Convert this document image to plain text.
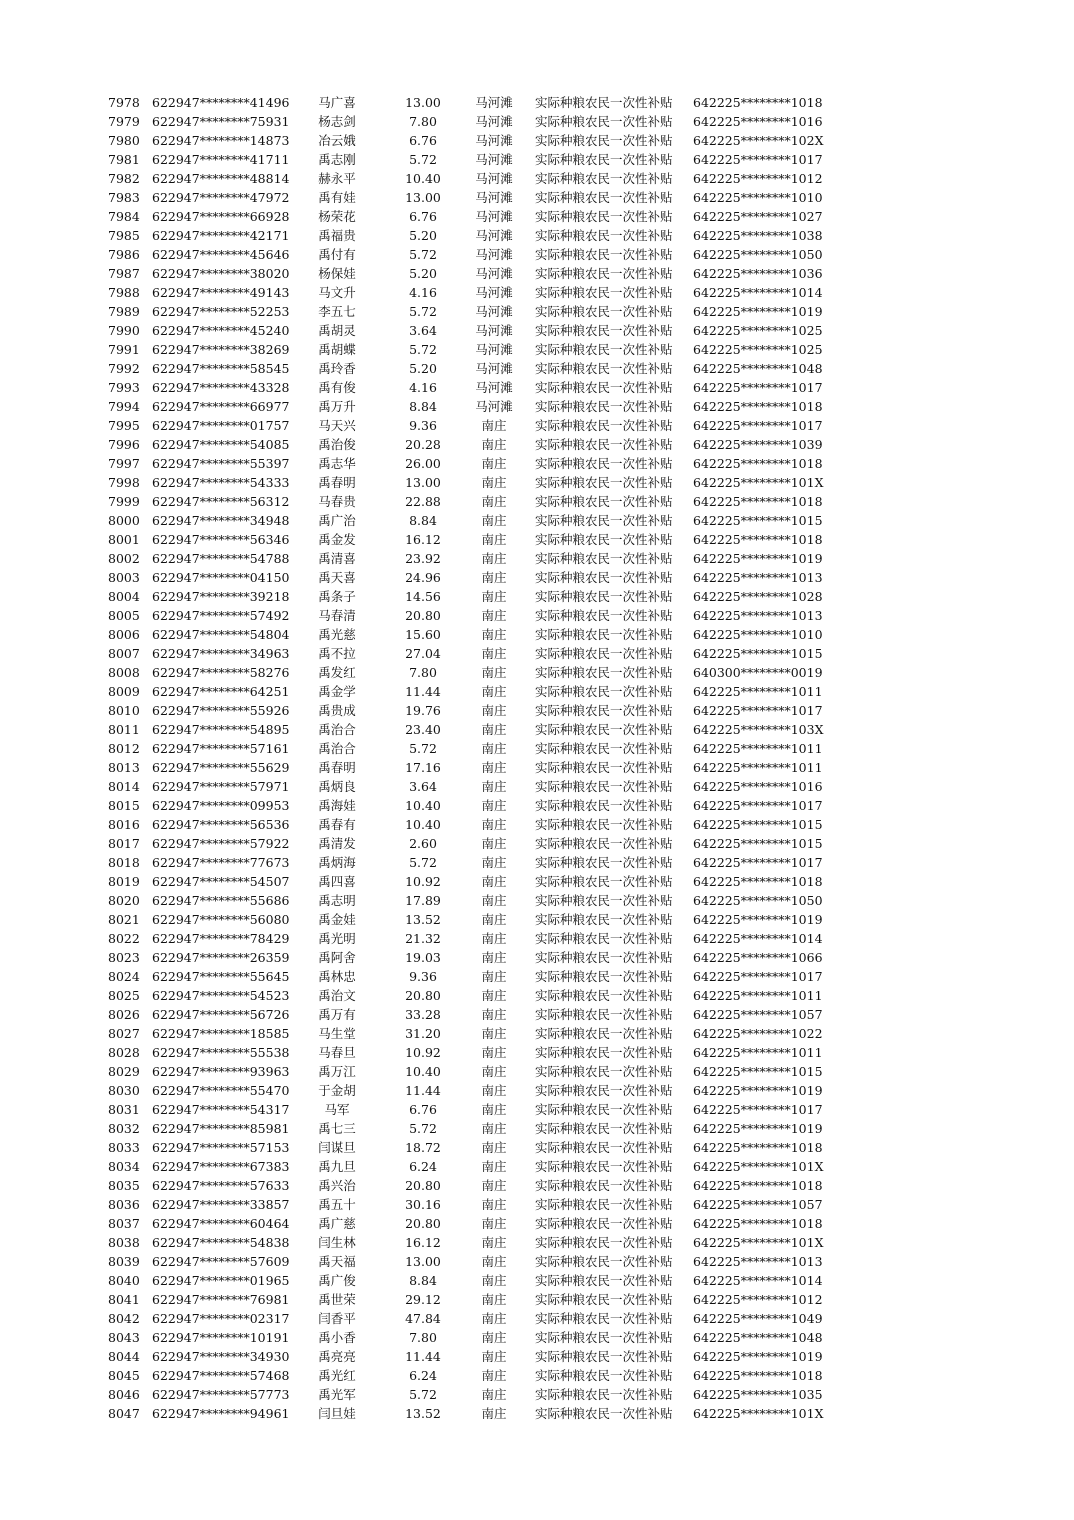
7978 622947********41496	马广喜	13.00	马河滩	实际种粮农民一次性补贴 642225********1018
7979 622947********75931	杨志剑	7.80	马河滩	实际种粮农民一次性补贴 642225********1016
7980 622947********14873	冶云娥	6.76	马河滩	实际种粮农民一次性补贴 642225********102X
7981 622947********41711	禹志刚	5.72	马河滩	实际种粮农民一次性补贴 642225********1017
7982 622947********48814	赫永平	10.40	马河滩	实际种粮农民一次性补贴 642225********1012
7983 622947********47972	禹有娃	13.00	马河滩	实际种粮农民一次性补贴 642225********1010
7984 622947********66928	杨荣花	6.76	马河滩	实际种粮农民一次性补贴 642225********1027
7985 622947********42171	禹福贵	5.20	马河滩	实际种粮农民一次性补贴 642225********1038
7986 622947********45646	禹付有	5.72	马河滩	实际种粮农民一次性补贴 642225********1050
7987 622947********38020	杨保娃	5.20	马河滩	实际种粮农民一次性补贴 642225********1036
7988 622947********49143	马文升	4.16	马河滩	实际种粮农民一次性补贴 642225********1014
7989 622947********52253	李五七	5.72	马河滩	实际种粮农民一次性补贴 642225********1019
7990 622947********45240	禹胡灵	3.64	马河滩	实际种粮农民一次性补贴 642225********1025
7991 622947********38269	禹胡蝶	5.72	马河滩	实际种粮农民一次性补贴 642225********1025
7992 622947********58545	禹玲香	5.20	马河滩	实际种粮农民一次性补贴 642225********1048
7993 622947********43328	禹有俊	4.16	马河滩	实际种粮农民一次性补贴 642225********1017
7994 622947********66977	禹万升	8.84	马河滩	实际种粮农民一次性补贴 642225********1018
7995 622947********01757	马天兴	9.36	南庄	实际种粮农民一次性补贴 642225********1017
7996 622947********54085	禹治俊	20.28	南庄	实际种粮农民一次性补贴 642225********1039
7997 622947********55397	禹志华	26.00	南庄	实际种粮农民一次性补贴 642225********1018
7998 622947********54333	禹春明	13.00	南庄	实际种粮农民一次性补贴 642225********101X
7999 622947********56312	马春贵	22.88	南庄	实际种粮农民一次性补贴 642225********1018
8000 622947********34948	禹广治	8.84	南庄	实际种粮农民一次性补贴 642225********1015
8001 622947********56346	禹金发	16.12	南庄	实际种粮农民一次性补贴 642225********1018
8002 622947********54788	禹清喜	23.92	南庄	实际种粮农民一次性补贴 642225********1019
8003 622947********04150	禹天喜	24.96	南庄	实际种粮农民一次性补贴 642225********1013
8004 622947********39218	禹条子	14.56	南庄	实际种粮农民一次性补贴 642225********1028
8005 622947********57492	马春清	20.80	南庄	实际种粮农民一次性补贴 642225********1013
8006 622947********54804	禹光慈	15.60	南庄	实际种粮农民一次性补贴 642225********1010
8007 622947********34963	禹不拉	27.04	南庄	实际种粮农民一次性补贴 642225********1015
8008 622947********58276	禹发红	7.80	南庄	实际种粮农民一次性补贴 640300********0019
8009 622947********64251	禹金学	11.44	南庄	实际种粮农民一次性补贴 642225********1011
8010 622947********55926	禹贵成	19.76	南庄	实际种粮农民一次性补贴 642225********1017
8011 622947********54895	禹治合	23.40	南庄	实际种粮农民一次性补贴 642225********103X
8012 622947********57161	禹治合	5.72	南庄	实际种粮农民一次性补贴 642225********1011
8013 622947********55629	禹春明	17.16	南庄	实际种粮农民一次性补贴 642225********1011
8014 622947********57971	禹炳良	3.64	南庄	实际种粮农民一次性补贴 642225********1016
8015 622947********09953	禹海娃	10.40	南庄	实际种粮农民一次性补贴 642225********1017
8016 622947********56536	禹春有	10.40	南庄	实际种粮农民一次性补贴 642225********1015
8017 622947********57922	禹清发	2.60	南庄	实际种粮农民一次性补贴 642225********1015
8018 622947********77673	禹炳海	5.72	南庄	实际种粮农民一次性补贴 642225********1017
8019 622947********54507	禹四喜	10.92	南庄	实际种粮农民一次性补贴 642225********1018
8020 622947********55686	禹志明	17.89	南庄	实际种粮农民一次性补贴 642225********1050
8021 622947********56080	禹金娃	13.52	南庄	实际种粮农民一次性补贴 642225********1019
8022 622947********78429	禹光明	21.32	南庄	实际种粮农民一次性补贴 642225********1014
8023 622947********26359	禹阿舍	19.03	南庄	实际种粮农民一次性补贴 642225********1066
8024 622947********55645	禹林忠	9.36	南庄	实际种粮农民一次性补贴 642225********1017
8025 622947********54523	禹治文	20.80	南庄	实际种粮农民一次性补贴 642225********1011
8026 622947********56726	禹万有	33.28	南庄	实际种粮农民一次性补贴 642225********1057
8027 622947********18585	马生堂	31.20	南庄	实际种粮农民一次性补贴 642225********1022
8028 622947********55538	马春旦	10.92	南庄	实际种粮农民一次性补贴 642225********1011
8029 622947********93963	禹万江	10.40	南庄	实际种粮农民一次性补贴 642225********1015
8030 622947********55470	于金胡	11.44	南庄	实际种粮农民一次性补贴 642225********1019
8031 622947********54317	马军	6.76	南庄	实际种粮农民一次性补贴 642225********1017
8032 622947********85981	禹七三	5.72	南庄	实际种粮农民一次性补贴 642225********1019
8033 622947********57153	闫谋旦	18.72	南庄	实际种粮农民一次性补贴 642225********1018
8034 622947********67383	禹九旦	6.24	南庄	实际种粮农民一次性补贴 642225********101X
8035 622947********57633	禹兴治	20.80	南庄	实际种粮农民一次性补贴 642225********1018
8036 622947********33857	禹五十	30.16	南庄	实际种粮农民一次性补贴 642225********1057
8037 622947********60464	禹广慈	20.80	南庄	实际种粮农民一次性补贴 642225********1018
8038 622947********54838	闫生林	16.12	南庄	实际种粮农民一次性补贴 642225********101X
8039 622947********57609	禹天福	13.00	南庄	实际种粮农民一次性补贴 642225********1013
8040 622947********01965	禹广俊	8.84	南庄	实际种粮农民一次性补贴 642225********1014
8041 622947********76981	禹世荣	29.12	南庄	实际种粮农民一次性补贴 642225********1012
8042 622947********02317	闫香平	47.84	南庄	实际种粮农民一次性补贴 642225********1049
8043 622947********10191	禹小香	7.80	南庄	实际种粮农民一次性补贴 642225********1048
8044 622947********34930	禹亮亮	11.44	南庄	实际种粮农民一次性补贴 642225********1019
8045 622947********57468	禹光红	6.24	南庄	实际种粮农民一次性补贴 642225********1018
8046 622947********57773	禹光军	5.72	南庄	实际种粮农民一次性补贴 642225********1035
8047 622947********94961	闫旦娃	13.52	南庄	实际种粮农民一次性补贴 642225********101X
